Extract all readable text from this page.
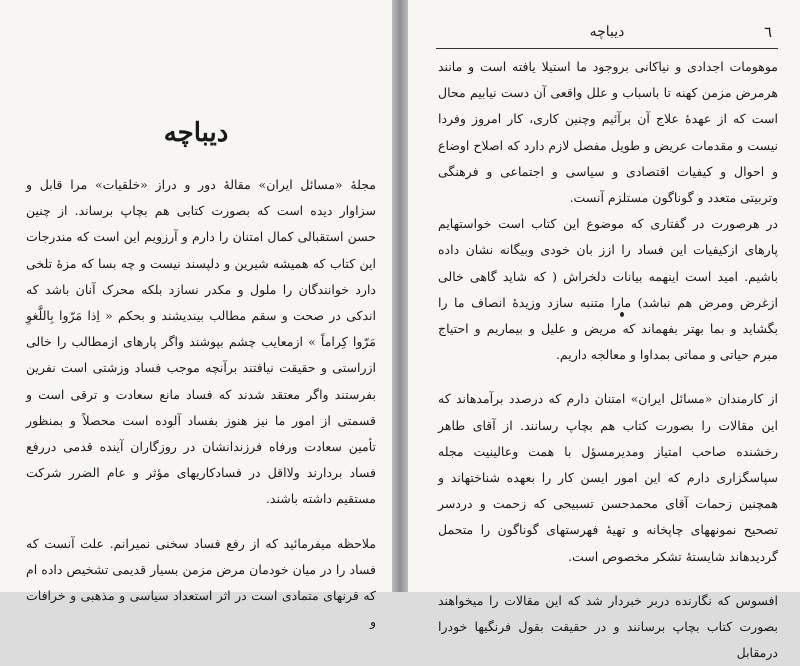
دیباچه

مجلهٔ «مسائل ایران» مقالهٔ دور و دراز «خلقیات» مرا قابل و سزاوار دیده است که بصورت کتابی هم بچاپ برساند. از چنین حسن استقبالی کمال امتنان را دارم و آرزویم این است که مندرجات این کتاب که همیشه شیرین و دلپسند نیست و چه بسا که مزهٔ تلخی دارد خوانندگان را ملول و مکدر نسازد بلکه محرک آنان باشد که اندکی در صحت و سقم مطالب بیندیشند و بحکم « اِذا مَرّوا بِاللَّغوِ مَرّوا کِراماً » ازمعایب چشم بپوشند واگر پارهای ازمطالب را خالی ازراستی و حقیقت نیافتند برآنچه موجب فساد وزشتی است نفرین بفرستند واگر معتقد شدند که فساد مانع سعادت و ترقی است و قسمتی از امور ما نیز هنوز بفساد آلوده است محصلاً و بمنظور تأمین سعادت ورفاه فرزندانشان در روزگاران آینده قدمی دررفع فساد بردارند ولااقل در فسادکاریهای مؤثر و عام الضرر شرکت مستقیم داشته باشند.

ملاحظه میفرمائید که از رفع فساد سخنی نمیرانم. علت آنست که فساد را در میان خودمان مرض مزمن بسیار قدیمی تشخیص داده ام که قرنهای متمادی است در اثر استعداد سیاسی و مذهبی و خرافات و

دیباچه	٦

موهومات اجدادی و نیاکانی بروجود ما استیلا یافته است و مانند هرمرض مزمن کهنه تا باسباب و علل واقعی آن دست نیابیم محال است که از عهدهٔ علاج آن برآئیم وچنین کاری، کار امروز وفردا نیست و مقدمات عریض و طویل مفصل لازم دارد که اصلاح اوضاع و احوال و کیفیات اقتصادی و سیاسی و اجتماعی و فرهنگی وتربیتی متعدد و گوناگون مستلزم آنست.

در هرصورت در گفتاری که موضوع این کتاب است خواستهایم پارهای ازکیفیات این فساد را ازز بان خودی وبیگانه نشان داده باشیم. امید است اینهمه بیانات دلخراش ( که شاید گاهی خالی ازغرض ومرض هم نباشد) مارا متنبه سازد وزیدهٔ انصاف ما را بگشاید و بما بهتر بفهماند که مریض و علیل و بیماریم و احتیاج مبرم حیاتی و مماتی بمداوا و معالجه داریم.

از کارمندان «مسائل ایران» امتنان دارم که درصدد برآمدهاند که این مقالات را بصورت کتاب هم بچاپ رسانند. از آقای طاهر رخشنده صاحب امتیاز ومدیرمسؤل با همت وعالینیت مجله سپاسگزاری دارم که این امور ایسن کار را بعهده شناختهاند و همچنین زحمات آقای محمدحسن تسبیحی که زحمت و دردسر تصحیح نمونههای چاپخانه و تهیهٔ فهرستهای گوناگون را متحمل گردیدهاند شایستهٔ تشکر مخصوص است.

افسوس که نگارنده دربر خبردار شد که این مقالات را میخواهند بصورت کتاب بچاپ برسانند و در حقیقت بقول فرنگیها خودرا درمقابل
